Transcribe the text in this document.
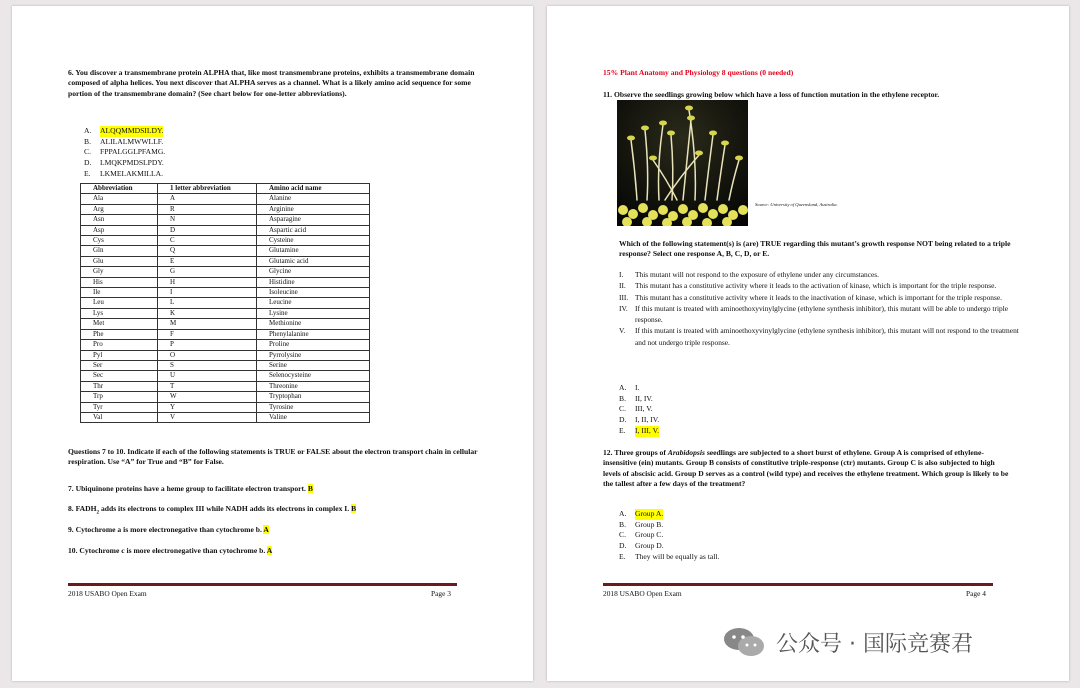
6. You discover a transmembrane protein ALPHA that, like most transmembrane proteins, exhibits a transmembrane domain composed of alpha helices. You next discover that ALPHA serves as a channel. What is a likely amino acid sequence for some portion of the transmembrane domain? (See chart below for one-letter abbreviations).
A.	ALQQMMDSILDY.
B.	ALILALMWWLLF.
C.	FPPALGGLPFAMG.
D.	LMQKPMDSLPDY.
E.	LKMELAKMILLA.
Abbreviation	1 letter abbreviation	Amino acid name
Ala	A	Alanine
Arg	R	Arginine
Asn	N	Asparagine
Asp	D	Aspartic acid
Cys	C	Cysteine
Gln	Q	Glutamine
Glu	E	Glutamic acid
Gly	G	Glycine
His	H	Histidine
Ile	I	Isoleucine
Leu	L	Leucine
Lys	K	Lysine
Met	M	Methionine
Phe	F	Phenylalanine
Pro	P	Proline
Pyl	O	Pyrrolysine
Ser	S	Serine
Sec	U	Selenocysteine
Thr	T	Threonine
Trp	W	Tryptophan
Tyr	Y	Tyrosine
Val	V	Valine
Questions 7 to 10. Indicate if each of the following statements is TRUE or FALSE about the electron transport chain in cellular respiration. Use “A” for True and “B” for False.
7. Ubiquinone proteins have a heme group to facilitate electron transport. B
8. $FADH_2$ adds its electrons to complex III while NADH adds its electrons in complex I. B
9. Cytochrome a is more electronegative than cytochrome b. A
10. Cytochrome c is more electronegative than cytochrome b. A
2018 USABO Open Exam	Page 3
15% Plant Anatomy and Physiology 8 questions (0 needed)
11. Observe the seedlings growing below which have a loss of function mutation in the ethylene receptor.
Source: University of Queensland, Australia.
Which of the following statement(s) is (are) TRUE regarding this mutant’s growth response NOT being related to a triple response? Select one response A, B, C, D, or E.
I.	This mutant will not respond to the exposure of ethylene under any circumstances.
II.	This mutant has a constitutive activity where it leads to the activation of kinase, which is important for the triple response.
III. This mutant has a constitutive activity where it leads to the inactivation of kinase, which is important for the triple response.
IV. If this mutant is treated with aminoethoxyvinylglycine (ethylene synthesis inhibitor), this mutant will be able to undergo triple response.
V.	If this mutant is treated with aminoethoxyvinylglycine (ethylene synthesis inhibitor), this mutant will not respond to the treatment and not undergo triple response.
A.	I.
B.	II, IV.
C.	III, V.
D.	I, II, IV.
E.	I, III, V.
12. Three groups of Arabidopsis seedlings are subjected to a short burst of ethylene. Group A is comprised of ethylene-insensitive (ein) mutants. Group B consists of constitutive triple-response (ctr) mutants. Group C is also subjected to high levels of abscisic acid. Group D serves as a control (wild type) and receives the ethylene treatment. Which group is likely to be the tallest after a few days of the treatment?
A.	Group A.
B.	Group B.
C.	Group C.
D.	Group D.
E.	They will be equally as tall.
2018 USABO Open Exam	Page 4
公众号 · 国际竞赛君
